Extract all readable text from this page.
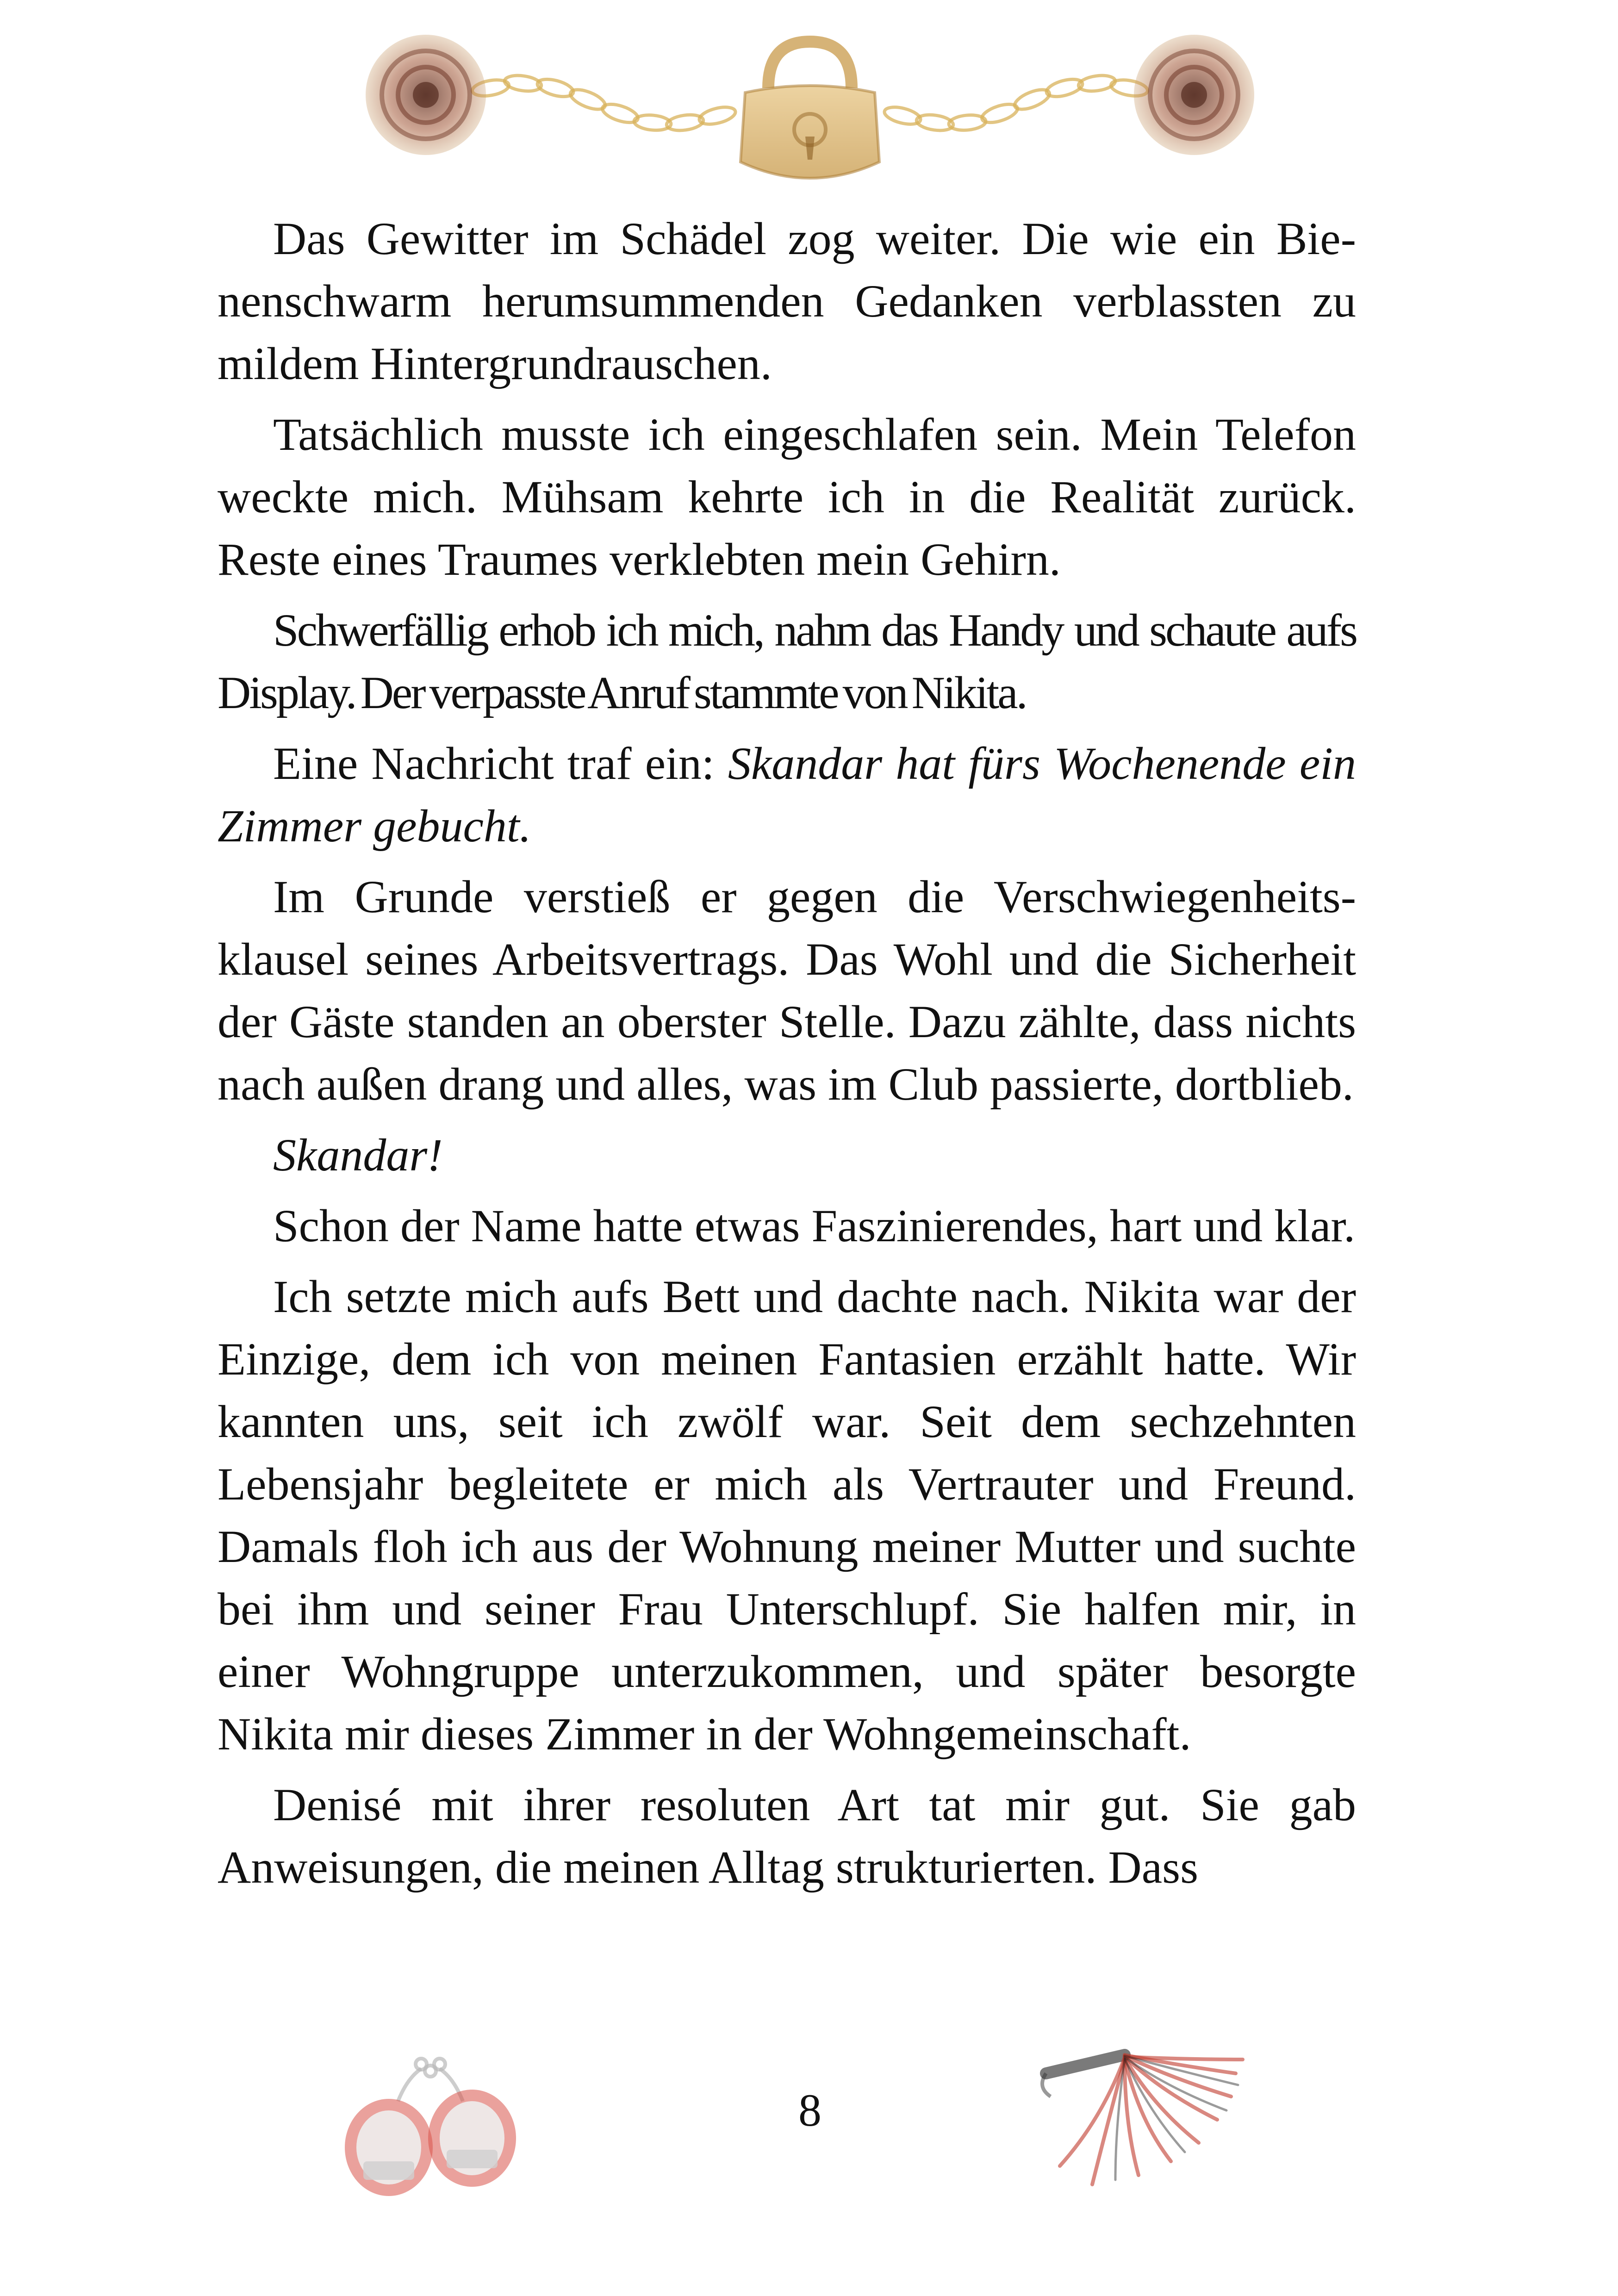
Das Gewitter im Schädel zog weiter. Die wie ein Bienenschwarm herumsummenden Gedanken verblassten zu mildem Hintergrundrauschen.

Tatsächlich musste ich eingeschlafen sein. Mein Telefon weckte mich. Mühsam kehrte ich in die Realität zurück. Reste eines Traumes verklebten mein Gehirn.

Schwerfällig erhob ich mich, nahm das Handy und schaute aufs Display. Der verpasste Anruf stammte von Nikita.

Eine Nachricht traf ein: Skandar hat fürs Wochenende ein Zimmer gebucht.

Im Grunde verstieß er gegen die Verschwiegenheitsklausel seines Arbeitsvertrags. Das Wohl und die Sicherheit der Gäste standen an oberster Stelle. Dazu zählte, dass nichts nach außen drang und alles, was im Club passierte, dortblieb.

Skandar!

Schon der Name hatte etwas Faszinierendes, hart und klar.

Ich setzte mich aufs Bett und dachte nach. Nikita war der Einzige, dem ich von meinen Fantasien erzählt hatte. Wir kannten uns, seit ich zwölf war. Seit dem sechzehnten Lebensjahr begleitete er mich als Vertrauter und Freund. Damals floh ich aus der Wohnung meiner Mutter und suchte bei ihm und seiner Frau Unterschlupf. Sie halfen mir, in einer Wohngruppe unterzukommen, und später besorgte Nikita mir dieses Zimmer in der Wohngemeinschaft.

Denisé mit ihrer resoluten Art tat mir gut. Sie gab Anweisungen, die meinen Alltag strukturierten. Dass

8
